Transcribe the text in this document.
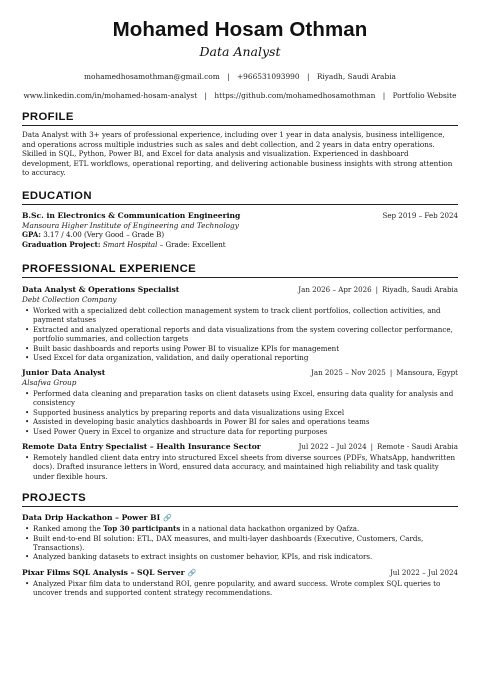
Mohamed Hosam Othman
Data Analyst
mohamedhosamothman@gmail.com | +966531093990 | Riyadh, Saudi Arabia
www.linkedin.com/in/mohamed-hosam-analyst | https://github.com/mohamedhosamothman | Portfolio Website
PROFILE
Data Analyst with 3+ years of professional experience, including over 1 year in data analysis, business intelligence, and operations across multiple industries such as sales and debt collection, and 2 years in data entry operations. Skilled in SQL, Python, Power BI, and Excel for data analysis and visualization. Experienced in dashboard development, ETL workflows, operational reporting, and delivering actionable business insights with strong attention to accuracy.
EDUCATION
B.Sc. in Electronics & Communication Engineering	Sep 2019 – Feb 2024
Mansoura Higher Institute of Engineering and Technology
GPA: 3.17 / 4.00 (Very Good – Grade B)
Graduation Project: Smart Hospital – Grade: Excellent
PROFESSIONAL EXPERIENCE
Data Analyst & Operations Specialist	Jan 2026 – Apr 2026 | Riyadh, Saudi Arabia
Debt Collection Company
• Worked with a specialized debt collection management system to track client portfolios, collection activities, and payment statuses
• Extracted and analyzed operational reports and data visualizations from the system covering collector performance, portfolio summaries, and collection targets
• Built basic dashboards and reports using Power BI to visualize KPIs for management
• Used Excel for data organization, validation, and daily operational reporting
Junior Data Analyst	Jan 2025 – Nov 2025 | Mansoura, Egypt
Alsafwa Group
• Performed data cleaning and preparation tasks on client datasets using Excel, ensuring data quality for analysis and consistency
• Supported business analytics by preparing reports and data visualizations using Excel
• Assisted in developing basic analytics dashboards in Power BI for sales and operations teams
• Used Power Query in Excel to organize and structure data for reporting purposes
Remote Data Entry Specialist – Health Insurance Sector	Jul 2022 – Jul 2024 | Remote - Saudi Arabia
• Remotely handled client data entry into structured Excel sheets from diverse sources (PDFs, WhatsApp, handwritten docs). Drafted insurance letters in Word, ensured data accuracy, and maintained high reliability and task quality under flexible hours.
PROJECTS
Data Drip Hackathon – Power BI 🔗
• Ranked among the Top 30 participants in a national data hackathon organized by Qafza.
• Built end-to-end BI solution: ETL, DAX measures, and multi-layer dashboards (Executive, Customers, Cards, Transactions).
• Analyzed banking datasets to extract insights on customer behavior, KPIs, and risk indicators.
Pixar Films SQL Analysis – SQL Server 🔗	Jul 2022 – Jul 2024
• Analyzed Pixar film data to understand ROI, genre popularity, and award success. Wrote complex SQL queries to uncover trends and supported content strategy recommendations.
